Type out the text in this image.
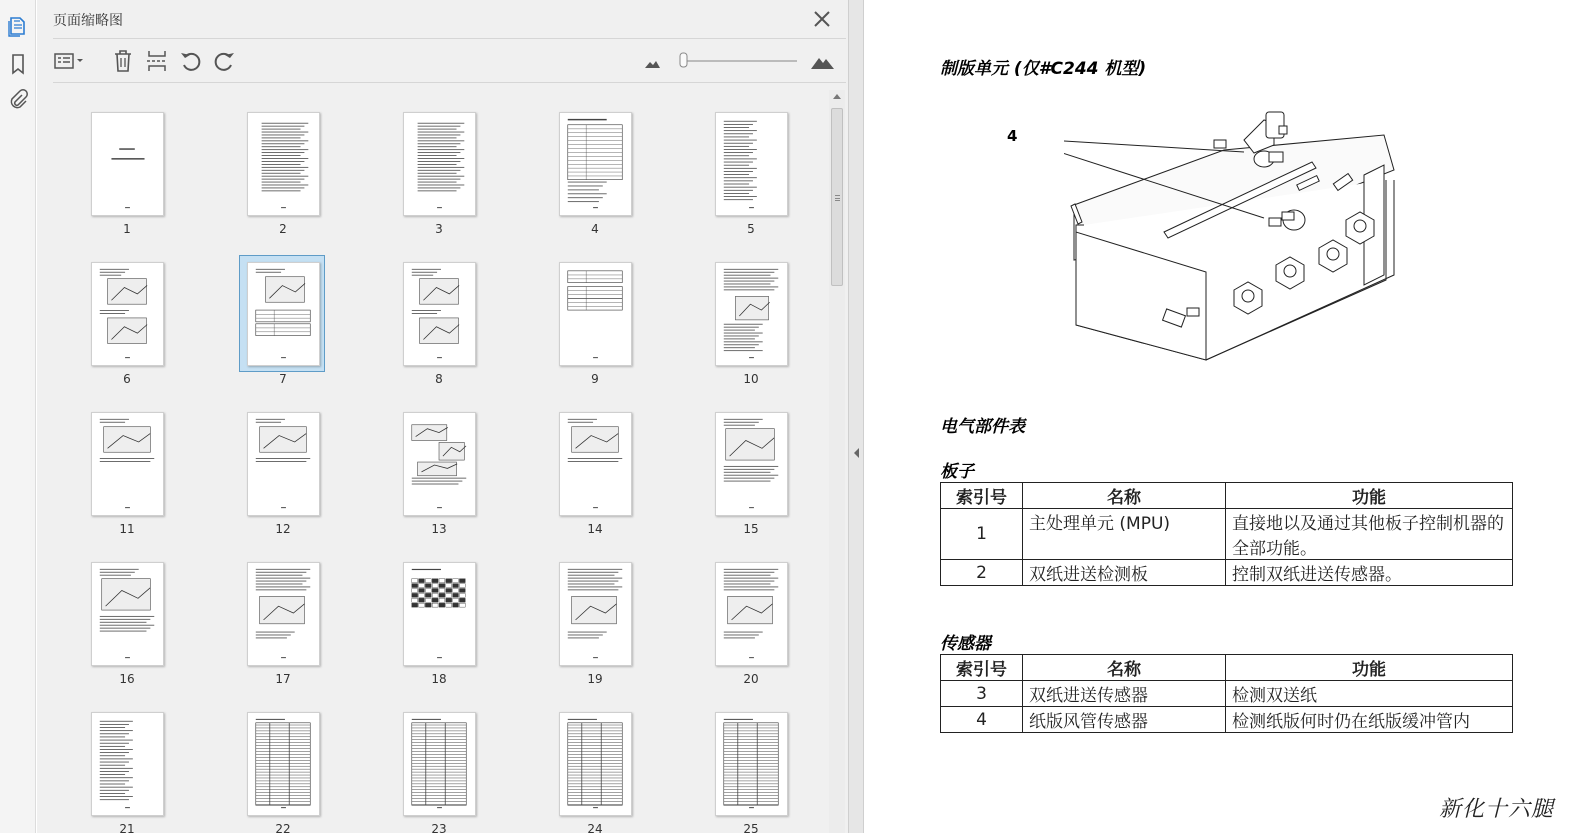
页面缩略图
1	2	3	4	5
6	7	8	9	10
11	12	13	14	15
16	17	18	19	20
21	22	23	24	25
制版单元 (仅#C244 机型)
4
电气部件表
板子
索引号	名称	功能
1	主处理单元 (MPU)	直接地以及通过其他板子控制机器的全部功能。
2	双纸进送检测板	控制双纸进送传感器。
传感器
索引号	名称	功能
3	双纸进送传感器	检测双送纸
4	纸版风管传感器	检测纸版何时仍在纸版缓冲管内
新化十六腿
